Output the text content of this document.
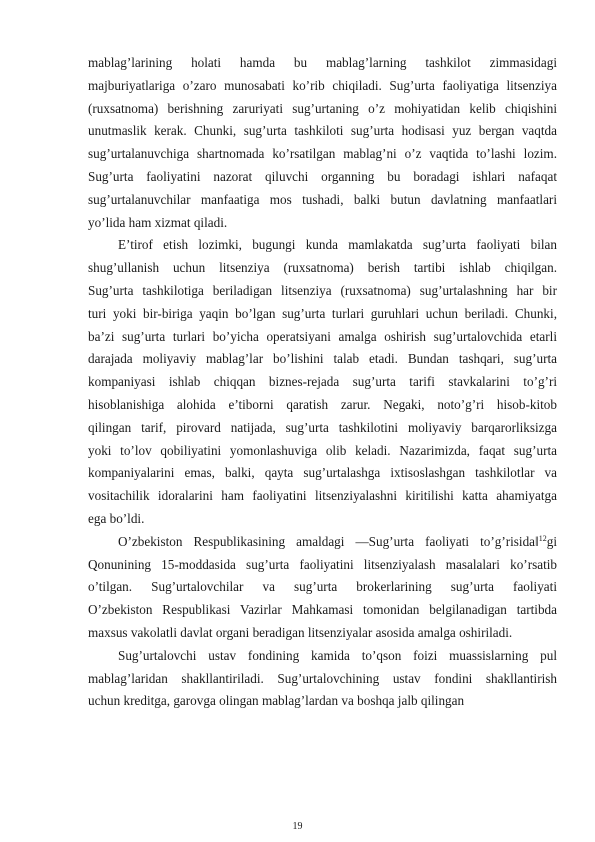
mablag’larining holati hamda bu mablag’larning tashkilot zimmasidagi
majburiyatlariga o’zaro munosabati ko’rib chiqiladi. Sug’urta faoliyatiga litsenziya
(ruxsatnoma) berishning zaruriyati sug’urtaning o’z mohiyatidan kelib chiqishini
unutmaslik kerak. Chunki, sug’urta tashkiloti sug’urta hodisasi yuz bergan vaqtda
sug’urtalanuvchiga shartnomada ko’rsatilgan mablag’ni o’z vaqtida to’lashi lozim.
Sug’urta faoliyatini nazorat qiluvchi organning bu boradagi ishlari nafaqat
sug’urtalanuvchilar manfaatiga mos tushadi, balki butun davlatning manfaatlari
yo’lida ham xizmat qiladi.
E’tirof etish lozimki, bugungi kunda mamlakatda sug’urta faoliyati bilan
shug’ullanish uchun litsenziya (ruxsatnoma) berish tartibi ishlab chiqilgan.
Sug’urta tashkilotiga beriladigan litsenziya (ruxsatnoma) sug’urtalashning har bir
turi yoki bir-biriga yaqin bo’lgan sug’urta turlari guruhlari uchun beriladi. Chunki,
ba’zi sug’urta turlari bo’yicha operatsiyani amalga oshirish sug’urtalovchida etarli
darajada moliyaviy mablag’lar bo’lishini talab etadi. Bundan tashqari, sug’urta
kompaniyasi ishlab chiqqan biznes-rejada sug’urta tarifi stavkalarini to’g’ri
hisoblanishiga alohida e’tiborni qaratish zarur. Negaki, noto’g’ri hisob-kitob
qilingan tarif, pirovard natijada, sug’urta tashkilotini moliyaviy barqarorliksizga
yoki to’lov qobiliyatini yomonlashuviga olib keladi. Nazarimizda, faqat sug’urta
kompaniyalarini emas, balki, qayta sug’urtalashga ixtisoslashgan tashkilotlar va
vositachilik idoralarini ham faoliyatini litsenziyalashni kiritilishi katta ahamiyatga
ega bo’ldi.
O’zbekiston Respublikasining amaldagi ―Sug’urta faoliyati to’g’risida‖$^{12}$gi
Qonunining 15-moddasida sug’urta faoliyatini litsenziyalash masalalari ko’rsatib
o’tilgan. Sug’urtalovchilar va sug’urta brokerlarining sug’urta faoliyati
O’zbekiston Respublikasi Vazirlar Mahkamasi tomonidan belgilanadigan tartibda
maxsus vakolatli davlat organi beradigan litsenziyalar asosida amalga oshiriladi.
Sug’urtalovchi ustav fondining kamida to’qson foizi muassislarning pul
mablag’laridan shakllantiriladi. Sug’urtalovchining ustav fondini shakllantirish
uchun kreditga, garovga olingan mablag’lardan va boshqa jalb qilingan
19
